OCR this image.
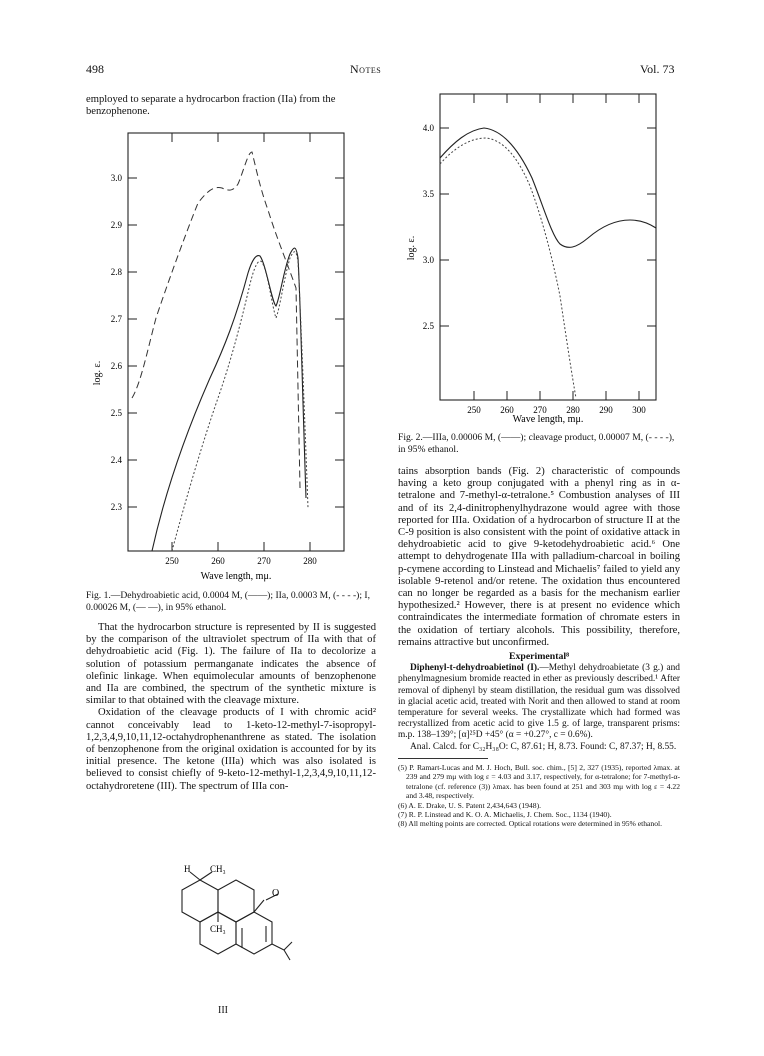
498	Notes	Vol. 73
employed to separate a hydrocarbon fraction (IIa) from the benzophenone.
3.0
2.9
2.8
2.7
2.6
2.5
2.4
2.3
250	260	270	280
log. ε.
Wave length, mμ.
Fig. 1.—Dehydroabietic acid, 0.0004 M, (——); IIa, 0.0003 M, (- - - -); I, 0.00026 M, (— —), in 95% ethanol.

That the hydrocarbon structure is represented by II is suggested by the comparison of the ultraviolet spectrum of IIa with that of dehydroabietic acid (Fig. 1). The failure of IIa to decolorize a solution of potassium permanganate indicates the absence of olefinic linkage. When equimolecular amounts of benzophenone and IIa are combined, the spectrum of the synthetic mixture is similar to that obtained with the cleavage mixture.

Oxidation of the cleavage products of I with chromic acid² cannot conceivably lead to 1-keto-12-methyl-7-isopropyl-1,2,3,4,9,10,11,12-octahydrophenanthrene as stated. The isolation of benzophenone from the original oxidation is accounted for by its initial presence. The ketone (IIIa) which was also isolated is believed to consist chiefly of 9-keto-12-methyl-1,2,3,4,9,10,11,12-octahydroretene (III). The spectrum of IIIa con-

H CH₃
CH₃
O
III
4.0
3.5
3.0
2.5
250 260 270 280 290 300
log. ε.
Wave length, mμ.
Fig. 2.—IIIa, 0.00006 M, (——); cleavage product, 0.00007 M, (- - - -), in 95% ethanol.

tains absorption bands (Fig. 2) characteristic of compounds having a keto group conjugated with a phenyl ring as in α-tetralone and 7-methyl-α-tetralone.⁵ Combustion analyses of III and of its 2,4-dinitrophenylhydrazone would agree with those reported for IIIa. Oxidation of a hydrocarbon of structure II at the C-9 position is also consistent with the point of oxidative attack in dehydroabietic acid to give 9-ketodehydroabietic acid.⁶ One attempt to dehydrogenate IIIa with palladium-charcoal in boiling p-cymene according to Linstead and Michaelis⁷ failed to yield any isolable 9-retenol and/or retene. The oxidation thus encountered can no longer be regarded as a basis for the mechanism earlier hypothesized.² However, there is at present no evidence which contraindicates the intermediate formation of chromate esters in the oxidation of tertiary alcohols. This possibility, therefore, remains attractive but unconfirmed.

Experimental⁸

Diphenyl-t-dehydroabietinol (I).—Methyl dehydroabietate (3 g.) and phenylmagnesium bromide reacted in ether as previously described.¹ After removal of diphenyl by steam distillation, the residual gum was dissolved in glacial acetic acid, treated with Norit and then allowed to stand at room temperature for several weeks. The crystallizate which had formed was recrystallized from acetic acid to give 1.5 g. of large, transparent prisms: m.p. 138–139°; [α]²⁵D +45° (α = +0.27°, c = 0.6%).

Anal. Calcd. for C₃₂H₃₈O: C, 87.61; H, 8.73. Found: C, 87.37; H, 8.55.

(5) P. Ramart-Lucas and M. J. Hoch, Bull. soc. chim., [5] 2, 327 (1935), reported λmax. at 239 and 279 mμ with log ε = 4.03 and 3.17, respectively, for α-tetralone; for 7-methyl-α-tetralone (cf. reference (3)) λmax. has been found at 251 and 303 mμ with log ε = 4.22 and 3.48, respectively.

(6) A. E. Drake, U. S. Patent 2,434,643 (1948).

(7) R. P. Linstead and K. O. A. Michaelis, J. Chem. Soc., 1134 (1940).

(8) All melting points are corrected. Optical rotations were determined in 95% ethanol.
